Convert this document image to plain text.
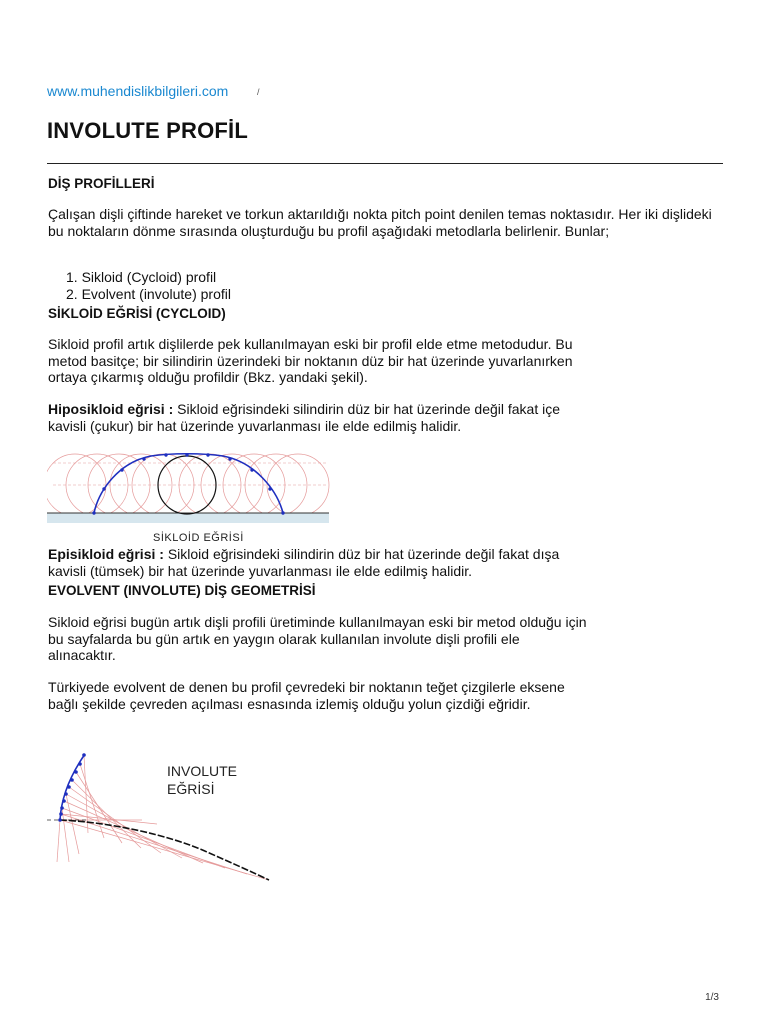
www.muhendislikbilgileri.com	/
INVOLUTE PROFİL
DİŞ PROFİLLERİ

Çalışan dişli çiftinde hareket ve torkun aktarıldığı nokta pitch point denilen temas noktasıdır. Her iki dişlideki bu noktaların dönme sırasında oluşturduğu bu profil aşağıdaki metodlarla belirlenir. Bunlar;

1. Sikloid (Cycloid) profil
2. Evolvent (involute) profil
SİKLOİD EĞRİSİ (CYCLOID)

Sikloid profil artık dişlilerde pek kullanılmayan eski bir profil elde etme metodudur. Bu metod basitçe; bir silindirin üzerindeki bir noktanın düz bir hat üzerinde yuvarlanırken ortaya çıkarmış olduğu profildir (Bkz. yandaki şekil).

Hiposikloid eğrisi : Sikloid eğrisindeki silindirin düz bir hat üzerinde değil fakat içe kavisli (çukur) bir hat üzerinde yuvarlanması ile elde edilmiş halidir.

SİKLOİD EĞRİSİ

Episikloid eğrisi : Sikloid eğrisindeki silindirin düz bir hat üzerinde değil fakat dışa kavisli (tümsek) bir hat üzerinde yuvarlanması ile elde edilmiş halidir.

EVOLVENT (INVOLUTE) DİŞ GEOMETRİSİ

Sikloid eğrisi bugün artık dişli profili üretiminde kullanılmayan eski bir metod olduğu için bu sayfalarda bu gün artık en yaygın olarak kullanılan involute dişli profili ele alınacaktır.

Türkiyede evolvent de denen bu profil çevredeki bir noktanın teğet çizgilerle eksene bağlı şekilde çevreden açılması esnasında izlemiş olduğu yolun çizdiği eğridir.

INVOLUTE
EĞRİSİ
1/3
